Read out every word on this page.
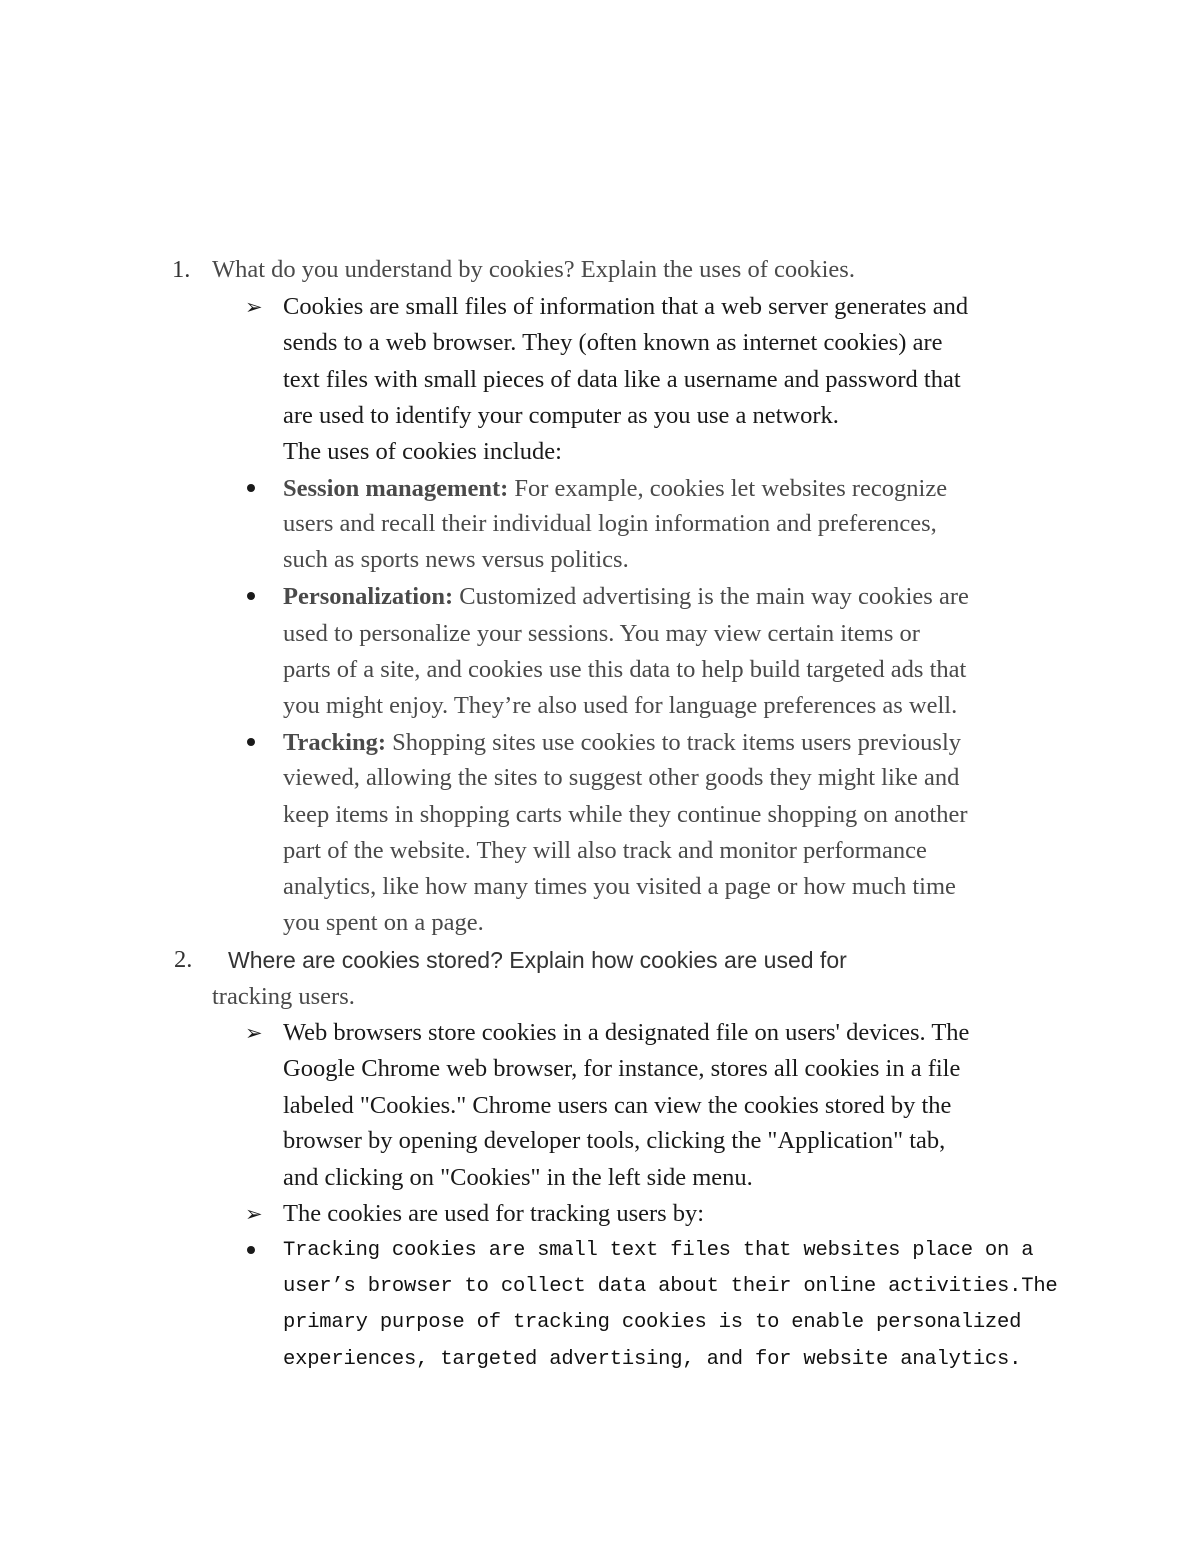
1. What do you understand by cookies? Explain the uses of cookies.
➢ Cookies are small files of information that a web server generates and
sends to a web browser. They (often known as internet cookies) are
text files with small pieces of data like a username and password that
are used to identify your computer as you use a network.
The uses of cookies include:
Session management: For example, cookies let websites recognize
users and recall their individual login information and preferences,
such as sports news versus politics.
Personalization: Customized advertising is the main way cookies are
used to personalize your sessions. You may view certain items or
parts of a site, and cookies use this data to help build targeted ads that
you might enjoy. They’re also used for language preferences as well.
Tracking: Shopping sites use cookies to track items users previously
viewed, allowing the sites to suggest other goods they might like and
keep items in shopping carts while they continue shopping on another
part of the website. They will also track and monitor performance
analytics, like how many times you visited a page or how much time
you spent on a page.
2. Where are cookies stored? Explain how cookies are used for
tracking users.
➢ Web browsers store cookies in a designated file on users' devices. The
Google Chrome web browser, for instance, stores all cookies in a file
labeled "Cookies." Chrome users can view the cookies stored by the
browser by opening developer tools, clicking the "Application" tab,
and clicking on "Cookies" in the left side menu.
➢ The cookies are used for tracking users by:
Tracking cookies are small text files that websites place on a
user’s browser to collect data about their online activities.The
primary purpose of tracking cookies is to enable personalized
experiences, targeted advertising, and for website analytics.
